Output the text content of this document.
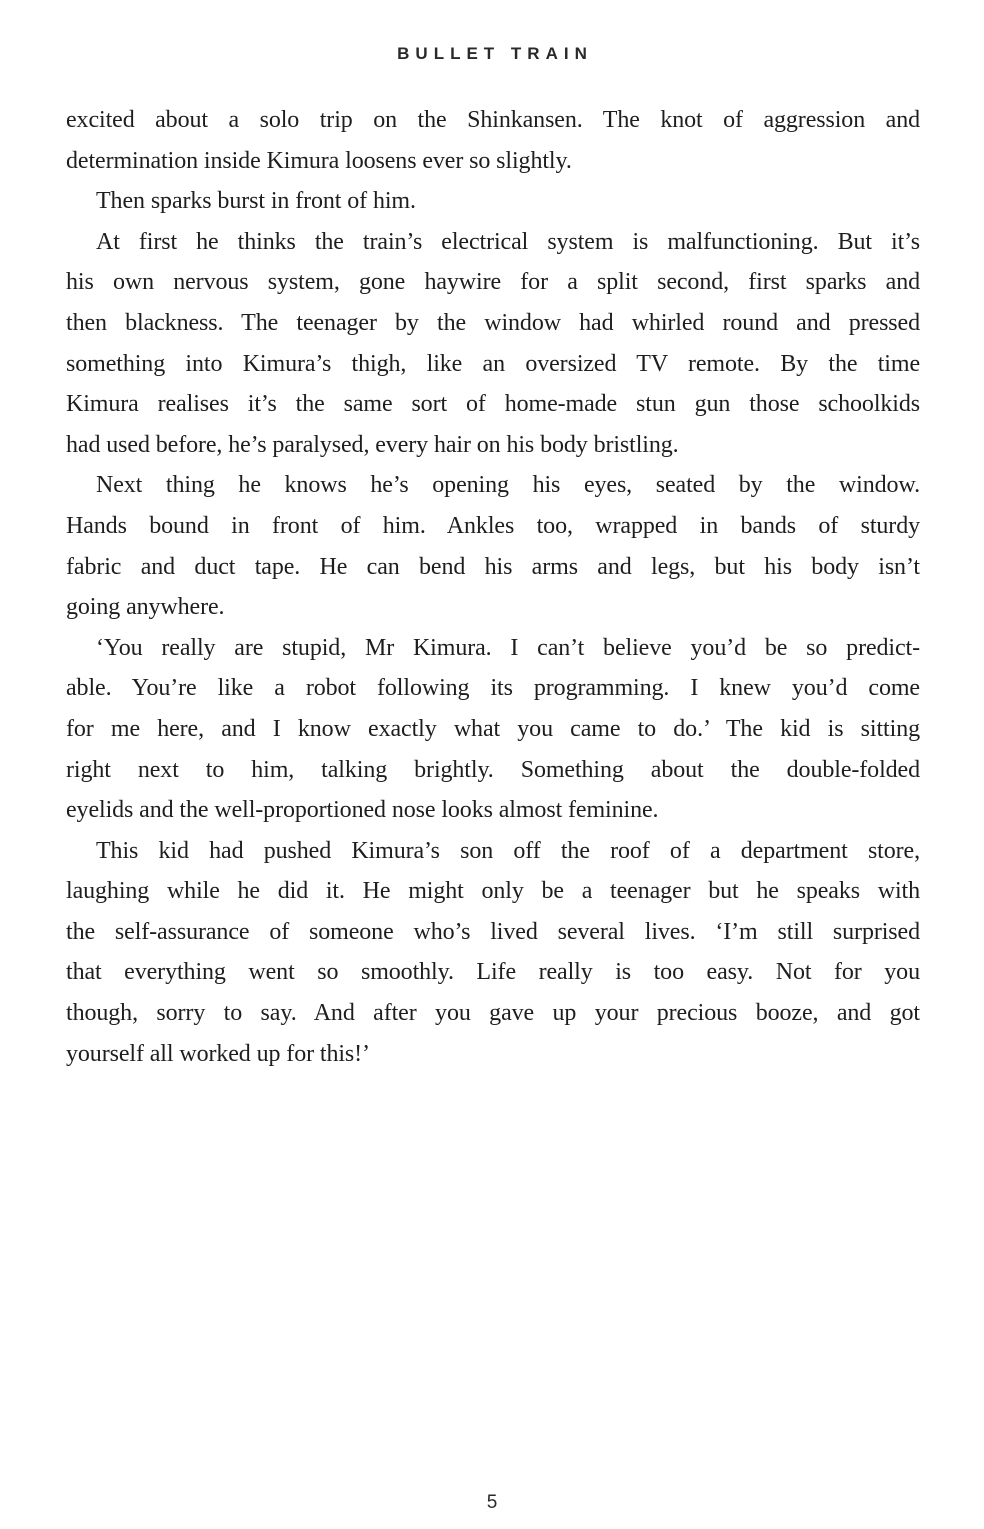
BULLET TRAIN
excited about a solo trip on the Shinkansen. The knot of aggression and
determination inside Kimura loosens ever so slightly.
Then sparks burst in front of him.
At first he thinks the train’s electrical system is malfunctioning. But it’s
his own nervous system, gone haywire for a split second, first sparks and
then blackness. The teenager by the window had whirled round and pressed
something into Kimura’s thigh, like an oversized TV remote. By the time
Kimura realises it’s the same sort of home-made stun gun those schoolkids
had used before, he’s paralysed, every hair on his body bristling.
Next thing he knows he’s opening his eyes, seated by the window.
Hands bound in front of him. Ankles too, wrapped in bands of sturdy
fabric and duct tape. He can bend his arms and legs, but his body isn’t
going anywhere.
‘You really are stupid, Mr Kimura. I can’t believe you’d be so predict-
able. You’re like a robot following its programming. I knew you’d come
for me here, and I know exactly what you came to do.’ The kid is sitting
right next to him, talking brightly. Something about the double-folded
eyelids and the well-proportioned nose looks almost feminine.
This kid had pushed Kimura’s son off the roof of a department store,
laughing while he did it. He might only be a teenager but he speaks with
the self-assurance of someone who’s lived several lives. ‘I’m still surprised
that everything went so smoothly. Life really is too easy. Not for you
though, sorry to say. And after you gave up your precious booze, and got
yourself all worked up for this!’
5
